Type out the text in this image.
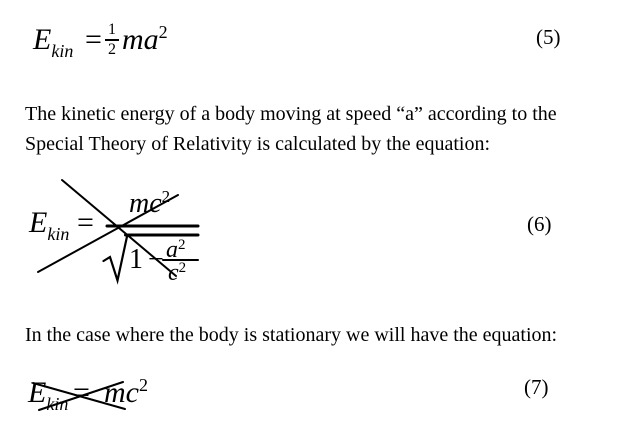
$E_{kin} = 1$
2 $ma^2$	(5)

The kinetic energy of a body moving at speed “a” according to the
Special Theory of Relativity is calculated by the equation:

$E_{kin}$ =
$mc^2$
$1 - a^2$
$c^2$
(6)

In the case where the body is stationary we will have the equation:

$E_{kin} = mc^2$	(7)
